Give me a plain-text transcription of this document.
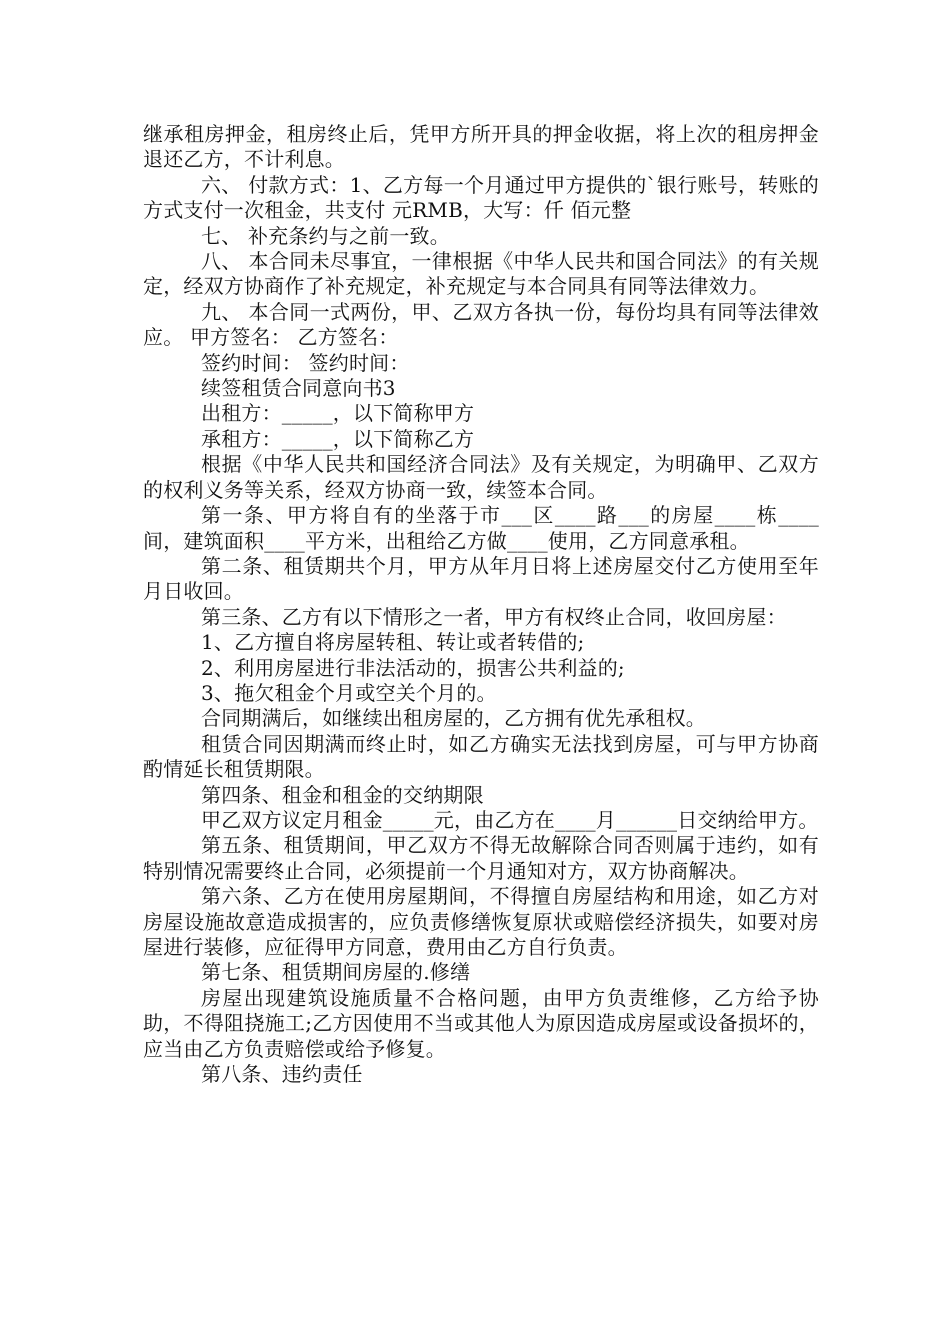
继承租房押金，租房终止后，凭甲方所开具的押金收据，将上次的租房押金退还乙方，不计利息。

六、 付款方式：1、乙方每一个月通过甲方提供的`银行账号，转账的方式支付一次租金，共支付 元RMB，大写：仟 佰元整

七、 补充条约与之前一致。

八、 本合同未尽事宜，一律根据《中华人民共和国合同法》的有关规定，经双方协商作了补充规定，补充规定与本合同具有同等法律效力。

九、 本合同一式两份，甲、乙双方各执一份，每份均具有同等法律效应。 甲方签名： 乙方签名：

签约时间： 签约时间：

续签租赁合同意向书3

出租方：_____，以下简称甲方

承租方：_____，以下简称乙方

根据《中华人民共和国经济合同法》及有关规定，为明确甲、乙双方的权利义务等关系，经双方协商一致，续签本合同。

第一条、甲方将自有的坐落于市___区____路___的房屋____栋____间，建筑面积____平方米，出租给乙方做____使用，乙方同意承租。

第二条、租赁期共个月，甲方从年月日将上述房屋交付乙方使用至年月日收回。

第三条、乙方有以下情形之一者，甲方有权终止合同，收回房屋：

1、乙方擅自将房屋转租、转让或者转借的;

2、利用房屋进行非法活动的，损害公共利益的;

3、拖欠租金个月或空关个月的。

合同期满后，如继续出租房屋的，乙方拥有优先承租权。

租赁合同因期满而终止时，如乙方确实无法找到房屋，可与甲方协商酌情延长租赁期限。

第四条、租金和租金的交纳期限

甲乙双方议定月租金_____元，由乙方在____月______日交纳给甲方。

第五条、租赁期间，甲乙双方不得无故解除合同否则属于违约，如有特别情况需要终止合同，必须提前一个月通知对方，双方协商解决。

第六条、乙方在使用房屋期间，不得擅自房屋结构和用途，如乙方对房屋设施故意造成损害的，应负责修缮恢复原状或赔偿经济损失，如要对房屋进行装修，应征得甲方同意，费用由乙方自行负责。

第七条、租赁期间房屋的.修缮

房屋出现建筑设施质量不合格问题，由甲方负责维修，乙方给予协助，不得阻挠施工;乙方因使用不当或其他人为原因造成房屋或设备损坏的，应当由乙方负责赔偿或给予修复。

第八条、违约责任
